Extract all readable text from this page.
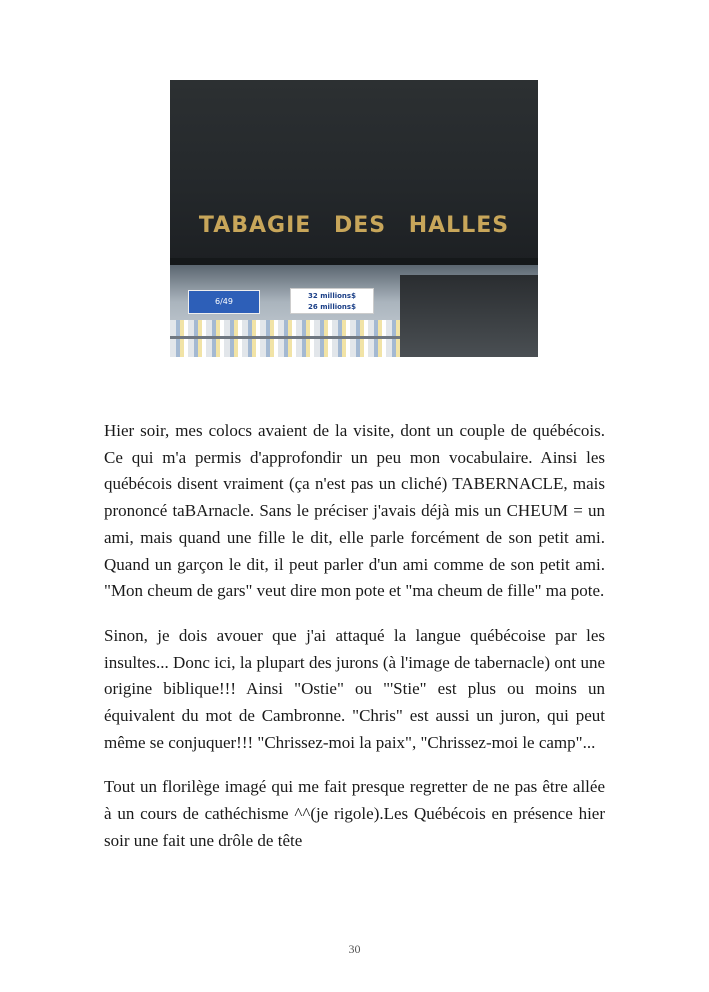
TABAGIE DES HALLES
6/49
32 millions$
26 millions$

Hier soir, mes colocs avaient de la visite, dont un couple de québécois. Ce qui m'a permis d'approfondir un peu mon vocabulaire. Ainsi les québécois disent vraiment (ça n'est pas un cliché) TABERNACLE, mais prononcé taBArnacle. Sans le préciser j'avais déjà mis un CHEUM = un ami, mais quand une fille le dit, elle parle forcément de son petit ami. Quand un garçon le dit, il peut parler d'un ami comme de son petit ami. "Mon cheum de gars" veut dire mon pote et "ma cheum de fille" ma pote.

Sinon, je dois avouer que j'ai attaqué la langue québécoise par les insultes... Donc ici, la plupart des jurons (à l'image de tabernacle) ont une origine biblique!!! Ainsi "Ostie" ou "'Stie" est plus ou moins un équivalent du mot de Cambronne. "Chris" est aussi un juron, qui peut même se conjuquer!!! "Chrissez-moi la paix", "Chrissez-moi le camp"...

Tout un florilège imagé qui me fait presque regretter de ne pas être allée à un cours de cathéchisme ^^(je rigole).Les Québécois en présence hier soir une fait une drôle de tête

30
